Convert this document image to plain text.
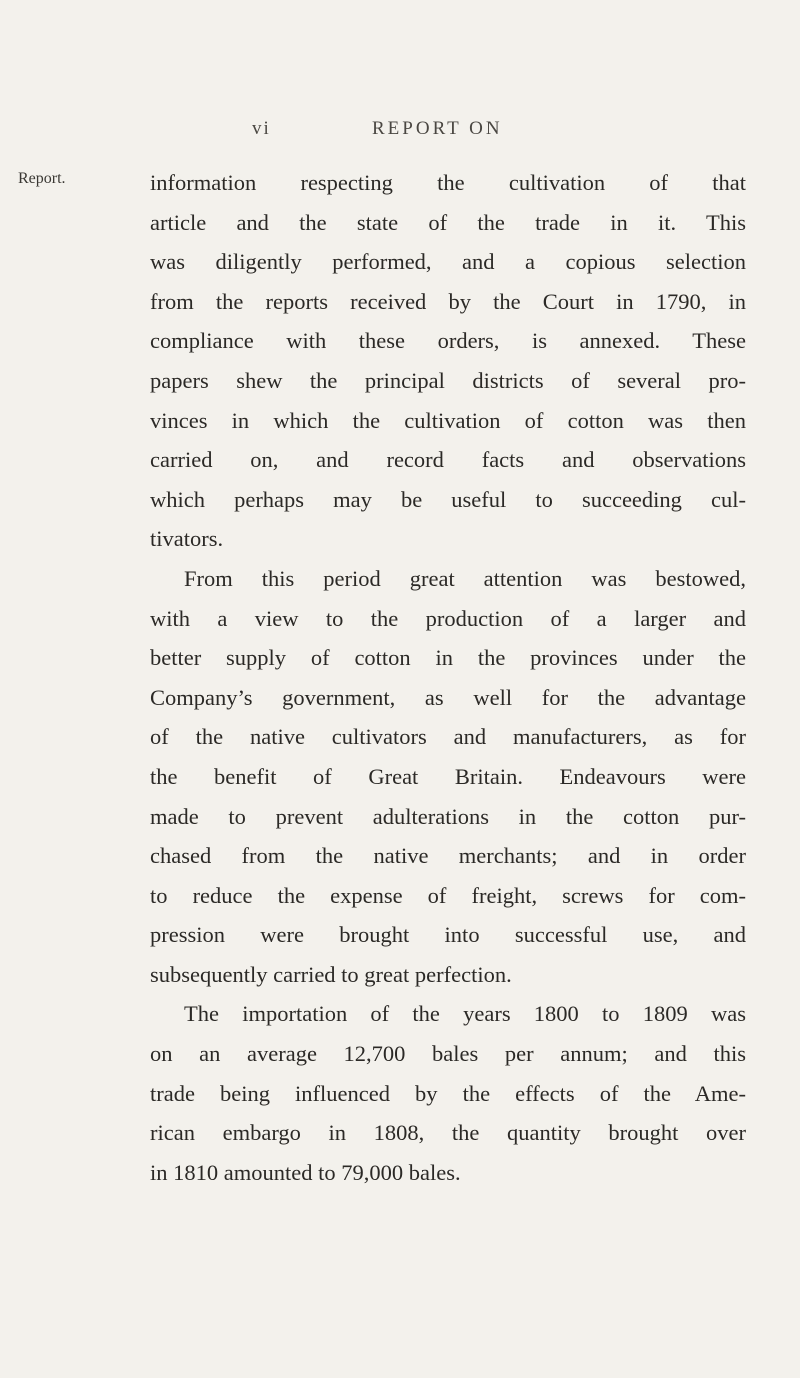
vi	REPORT ON
Report.	information respecting the cultivation of that
article and the state of the trade in it. This
was diligently performed, and a copious selection
from the reports received by the Court in 1790, in
compliance with these orders, is annexed. These
papers shew the principal districts of several pro-
vinces in which the cultivation of cotton was then
carried on, and record facts and observations
which perhaps may be useful to succeeding cul-
tivators.
From this period great attention was bestowed,
with a view to the production of a larger and
better supply of cotton in the provinces under the
Company’s government, as well for the advantage
of the native cultivators and manufacturers, as for
the benefit of Great Britain. Endeavours were
made to prevent adulterations in the cotton pur-
chased from the native merchants; and in order
to reduce the expense of freight, screws for com-
pression were brought into successful use, and
subsequently carried to great perfection.
The importation of the years 1800 to 1809 was
on an average 12,700 bales per annum; and this
trade being influenced by the effects of the Ame-
rican embargo in 1808, the quantity brought over
in 1810 amounted to 79,000 bales.
